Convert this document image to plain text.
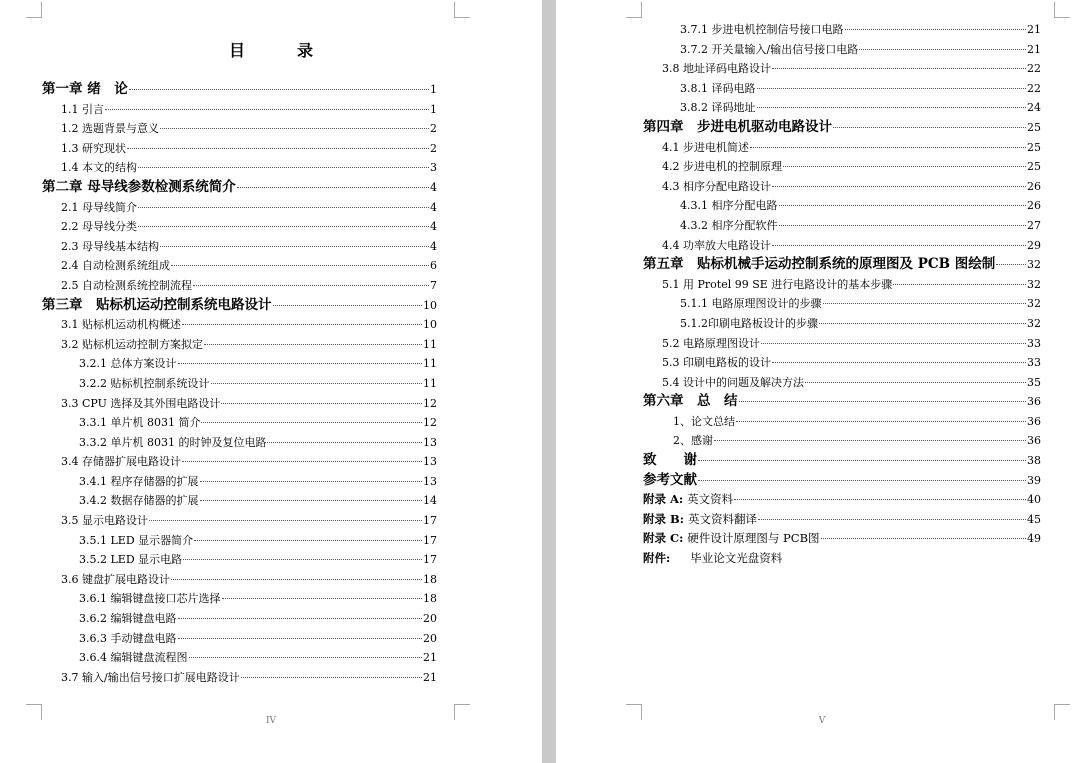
目　录
第一章 绪　论	1
1.1 引言	1
1.2 选题背景与意义	2
1.3 研究现状	2
1.4 本文的结构	3
第二章 母导线参数检测系统简介	4
2.1 母导线简介	4
2.2 母导线分类	4
2.3 母导线基本结构	4
2.4 自动检测系统组成	6
2.5 自动检测系统控制流程	7
第三章　贴标机运动控制系统电路设计	10
3.1 贴标机运动机构概述	10
3.2 贴标机运动控制方案拟定	11
3.2.1 总体方案设计	11
3.2.2 贴标机控制系统设计	11
3.3 CPU 选择及其外围电路设计	12
3.3.1 单片机 8031 简介	12
3.3.2 单片机 8031 的时钟及复位电路	13
3.4 存储器扩展电路设计	13
3.4.1 程序存储器的扩展	13
3.4.2 数据存储器的扩展	14
3.5 显示电路设计	17
3.5.1 LED 显示器简介	17
3.5.2 LED 显示电路	17
3.6 键盘扩展电路设计	18
3.6.1 编辑键盘接口芯片选择	18
3.6.2 编辑键盘电路	20
3.6.3 手动键盘电路	20
3.6.4 编辑键盘流程图	21
3.7 输入/输出信号接口扩展电路设计	21
IV
3.7.1 步进电机控制信号接口电路	21
3.7.2 开关量输入/输出信号接口电路	21
3.8 地址译码电路设计	22
3.8.1 译码电路	22
3.8.2 译码地址	24
第四章　步进电机驱动电路设计	25
4.1 步进电机简述	25
4.2 步进电机的控制原理	25
4.3 相序分配电路设计	26
4.3.1 相序分配电路	26
4.3.2 相序分配软件	27
4.4 功率放大电路设计	29
第五章　贴标机械手运动控制系统的原理图及 PCB 图绘制	32
5.1 用 Protel 99 SE 进行电路设计的基本步骤	32
5.1.1 电路原理图设计的步骤	32
5.1.2印刷电路板设计的步骤	32
5.2 电路原理图设计	33
5.3 印刷电路板的设计	33
5.4 设计中的问题及解决方法	35
第六章　总　结	36
　1、论文总结	36
　2、感谢	36
致　　谢	38
参考文献	39
附录 A: 英文资料	40
附录 B: 英文资料翻译	45
附录 C: 硬件设计原理图与 PCB图	49
附件: 毕业论文光盘资料
V
